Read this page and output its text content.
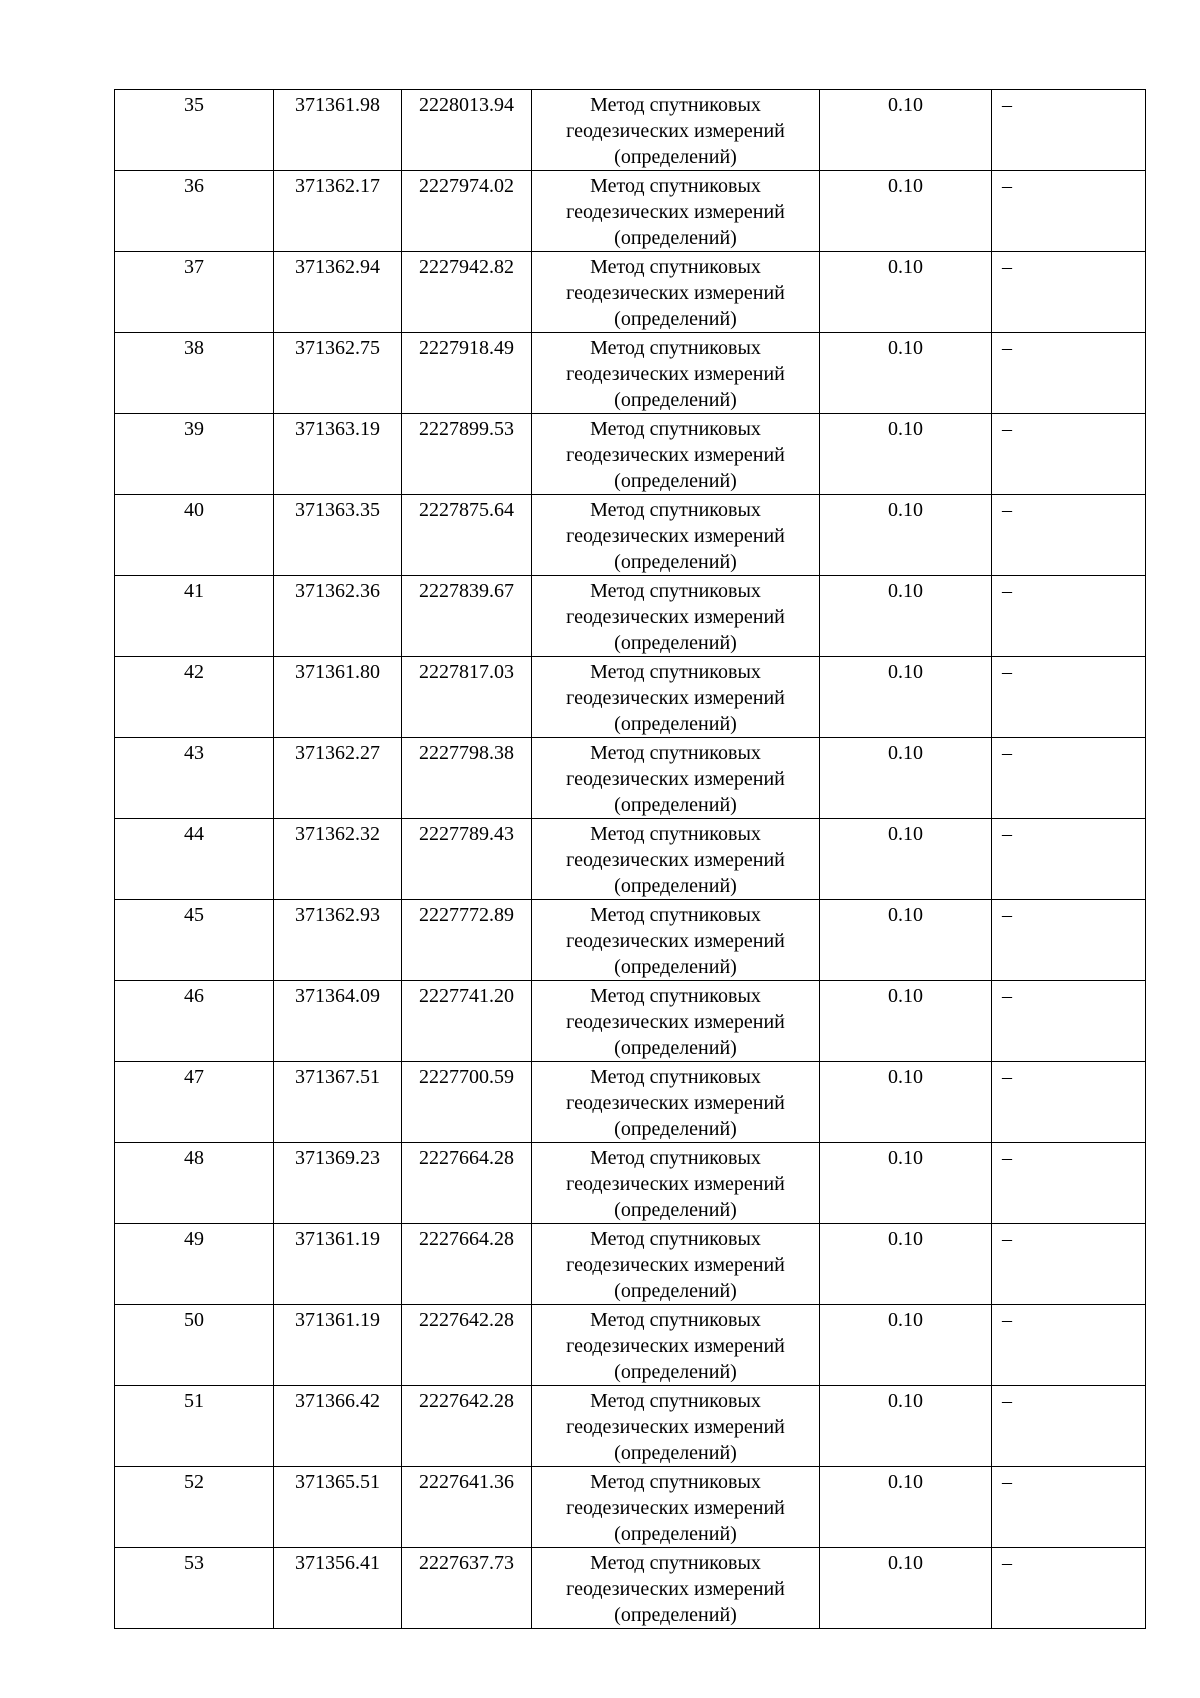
35	371361.98	2228013.94	Метод спутниковых
геодезических измерений
(определений)	0.10	–
36	371362.17	2227974.02	Метод спутниковых
геодезических измерений
(определений)	0.10	–
37	371362.94	2227942.82	Метод спутниковых
геодезических измерений
(определений)	0.10	–
38	371362.75	2227918.49	Метод спутниковых
геодезических измерений
(определений)	0.10	–
39	371363.19	2227899.53	Метод спутниковых
геодезических измерений
(определений)	0.10	–
40	371363.35	2227875.64	Метод спутниковых
геодезических измерений
(определений)	0.10	–
41	371362.36	2227839.67	Метод спутниковых
геодезических измерений
(определений)	0.10	–
42	371361.80	2227817.03	Метод спутниковых
геодезических измерений
(определений)	0.10	–
43	371362.27	2227798.38	Метод спутниковых
геодезических измерений
(определений)	0.10	–
44	371362.32	2227789.43	Метод спутниковых
геодезических измерений
(определений)	0.10	–
45	371362.93	2227772.89	Метод спутниковых
геодезических измерений
(определений)	0.10	–
46	371364.09	2227741.20	Метод спутниковых
геодезических измерений
(определений)	0.10	–
47	371367.51	2227700.59	Метод спутниковых
геодезических измерений
(определений)	0.10	–
48	371369.23	2227664.28	Метод спутниковых
геодезических измерений
(определений)	0.10	–
49	371361.19	2227664.28	Метод спутниковых
геодезических измерений
(определений)	0.10	–
50	371361.19	2227642.28	Метод спутниковых
геодезических измерений
(определений)	0.10	–
51	371366.42	2227642.28	Метод спутниковых
геодезических измерений
(определений)	0.10	–
52	371365.51	2227641.36	Метод спутниковых
геодезических измерений
(определений)	0.10	–
53	371356.41	2227637.73	Метод спутниковых
геодезических измерений
(определений)	0.10	–
